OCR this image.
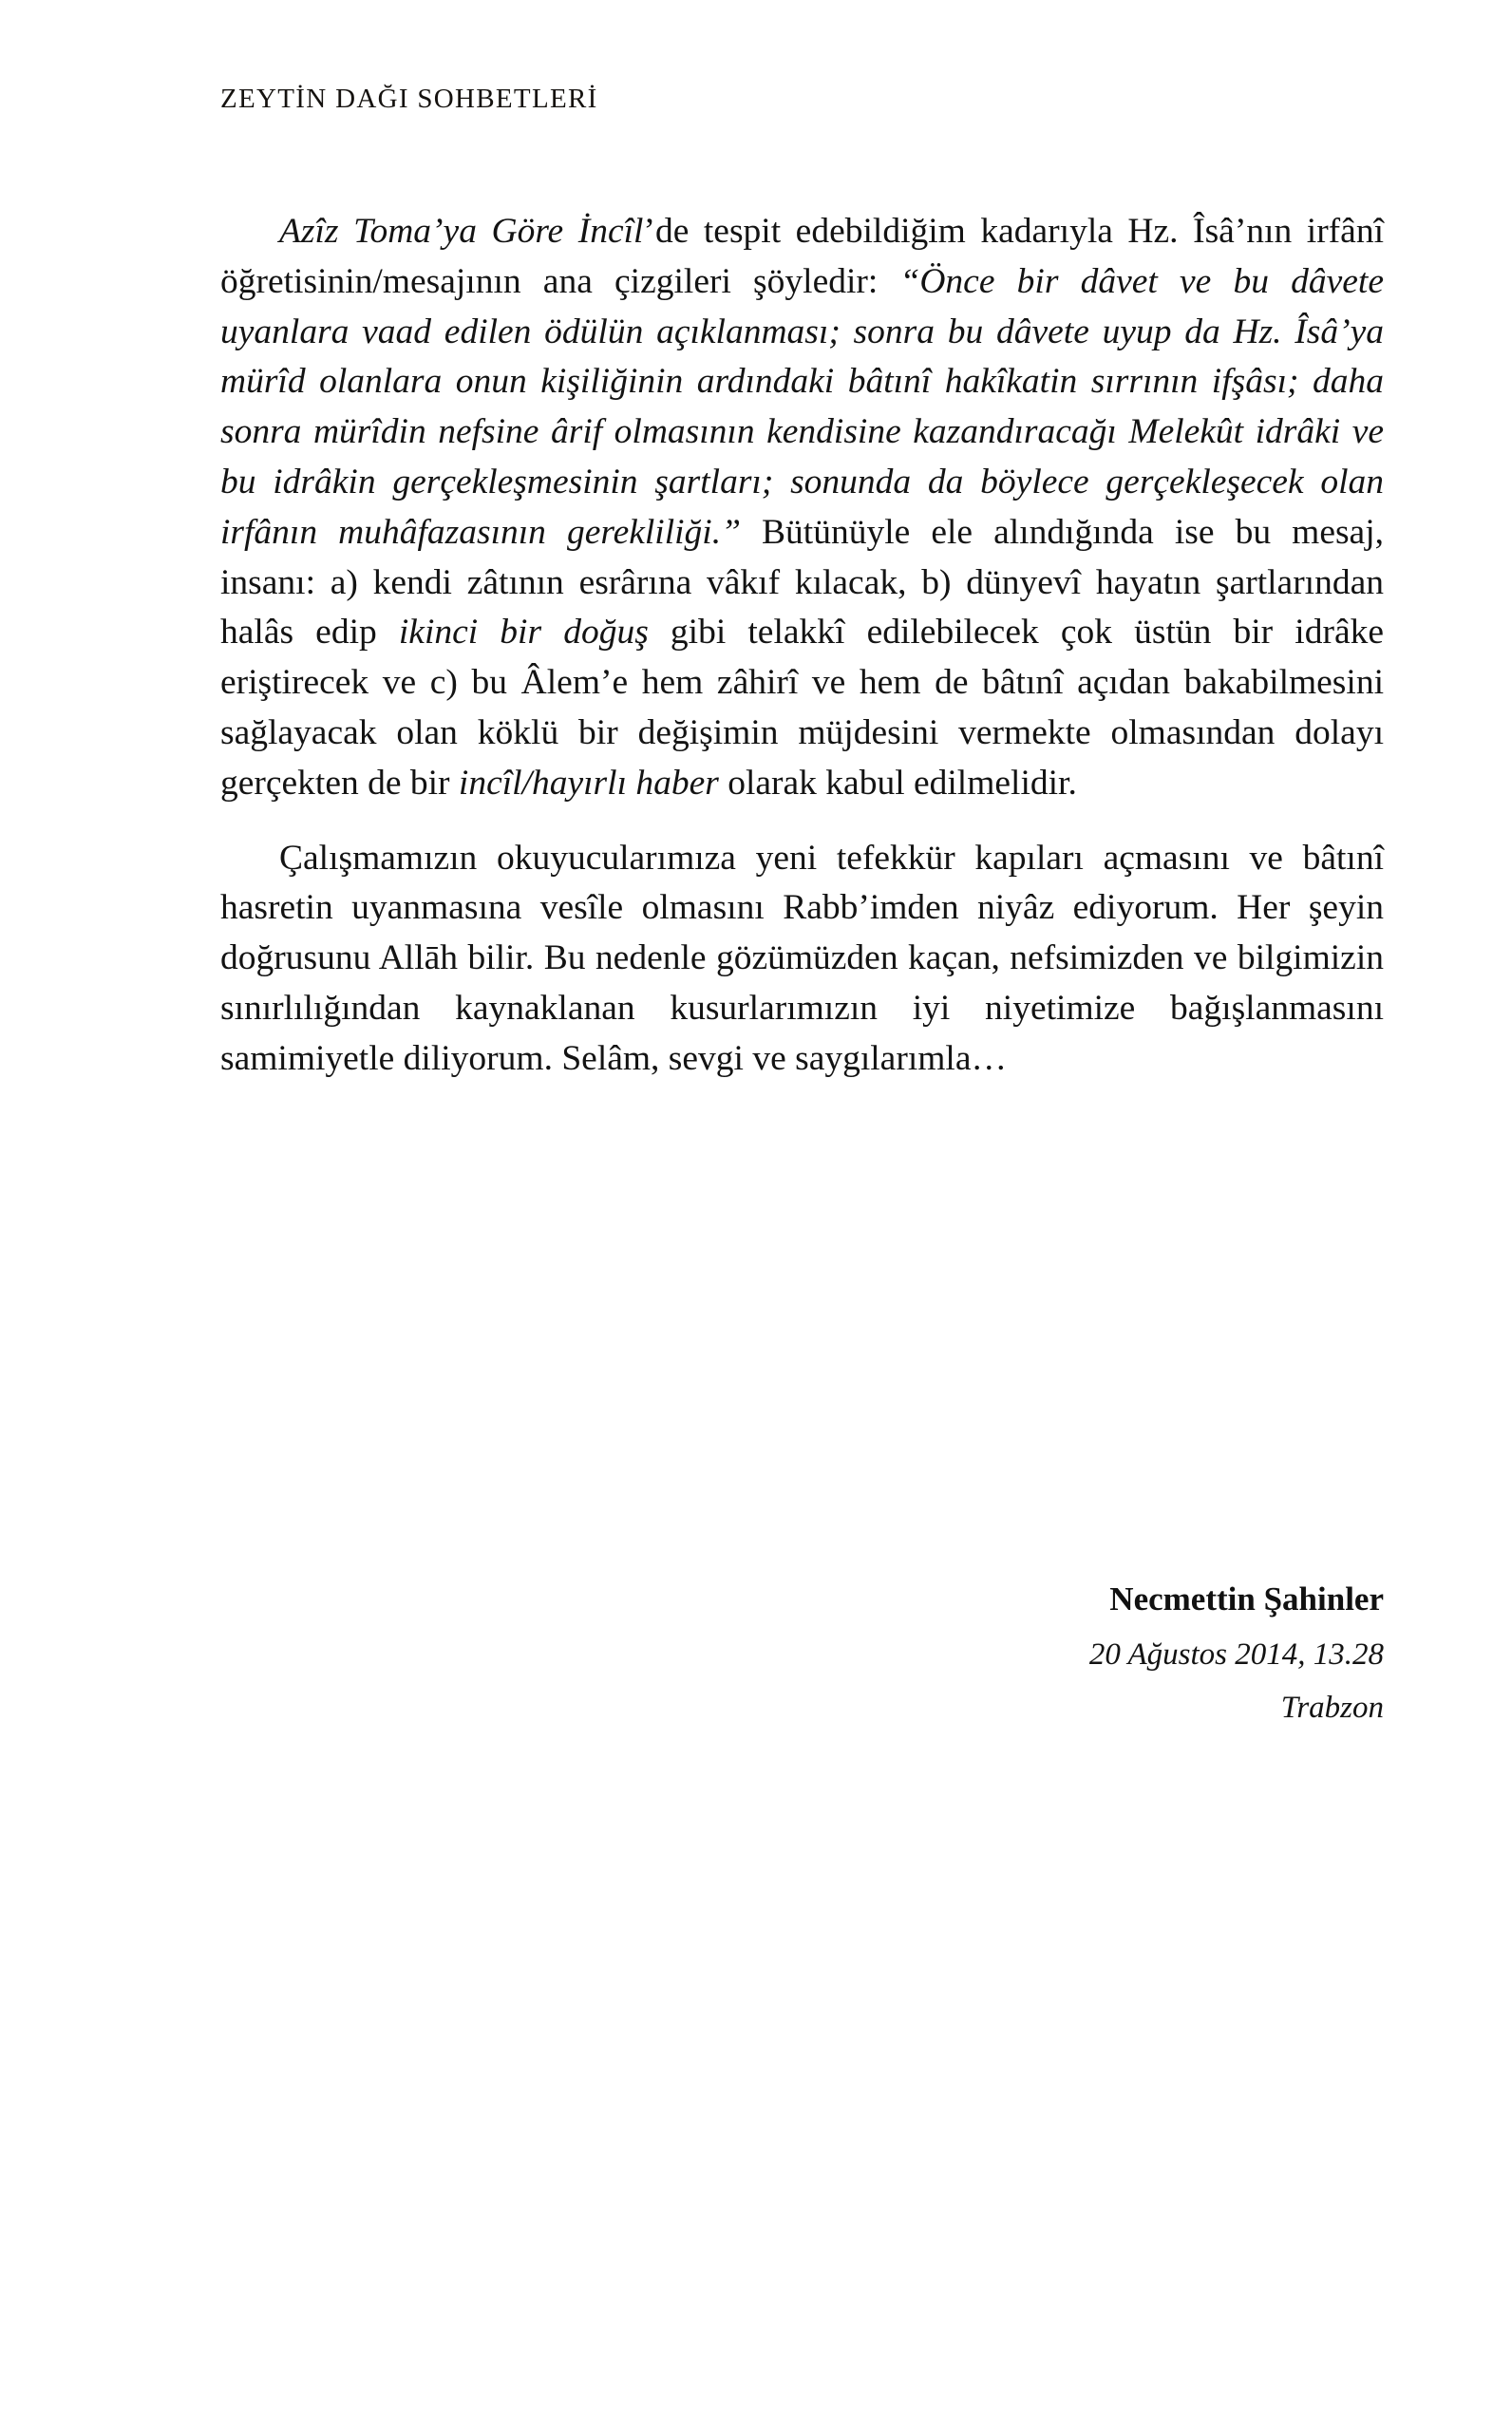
ZEYTİN DAĞI SOHBETLERİ

Azîz Toma’ya Göre İncîl’de tespit edebildiğim kadarıyla Hz. Îsâ’nın irfânî öğretisinin/mesajının ana çizgileri şöyledir: “Önce bir dâvet ve bu dâvete uyanlara vaad edilen ödülün açıklanması; sonra bu dâvete uyup da Hz. Îsâ’ya mürîd olanlara onun kişiliğinin ardındaki bâtınî hakîkatin sırrının ifşâsı; daha sonra mürîdin nefsine ârif olmasının kendisine kazandıracağı Melekût idrâki ve bu idrâkin gerçekleşmesinin şartları; sonunda da böylece gerçekleşecek olan irfânın muhâfazasının gerekliliği.” Bütünüyle ele alındığında ise bu mesaj, insanı: a) kendi zâtının esrârına vâkıf kılacak, b) dünyevî hayatın şartlarından halâs edip ikinci bir doğuş gibi telakkî edilebilecek çok üstün bir idrâke eriştirecek ve c) bu Âlem’e hem zâhirî ve hem de bâtınî açıdan bakabilmesini sağlayacak olan köklü bir değişimin müjdesini vermekte olmasından dolayı gerçekten de bir incîl/hayırlı haber olarak kabul edilmelidir.

Çalışmamızın okuyucularımıza yeni tefekkür kapıları açmasını ve bâtınî hasretin uyanmasına vesîle olmasını Rabb’imden niyâz ediyorum. Her şeyin doğrusunu Allāh bilir. Bu nedenle gözümüzden kaçan, nefsimizden ve bilgimizin sınırlılığından kaynaklanan kusurlarımızın iyi niyetimize bağışlanmasını samimiyetle diliyorum. Selâm, sevgi ve saygılarımla…

Necmettin Şahinler
20 Ağustos 2014, 13.28
Trabzon
